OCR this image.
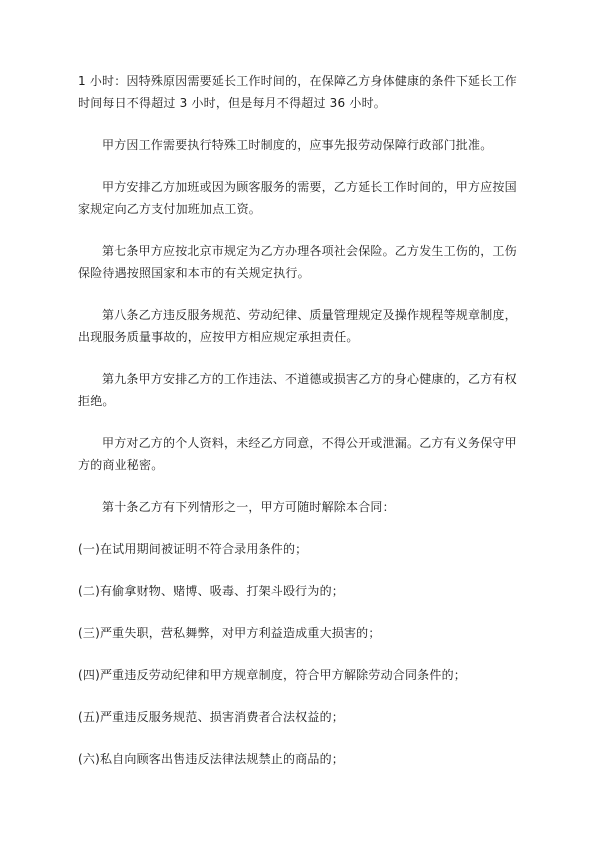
1 小时：因特殊原因需要延长工作时间的，在保障乙方身体健康的条件下延长工作时间每日不得超过 3 小时，但是每月不得超过 36 小时。

甲方因工作需要执行特殊工时制度的，应事先报劳动保障行政部门批准。

甲方安排乙方加班或因为顾客服务的需要，乙方延长工作时间的，甲方应按国家规定向乙方支付加班加点工资。

第七条甲方应按北京市规定为乙方办理各项社会保险。乙方发生工伤的，工伤保险待遇按照国家和本市的有关规定执行。

第八条乙方违反服务规范、劳动纪律、质量管理规定及操作规程等规章制度，出现服务质量事故的，应按甲方相应规定承担责任。

第九条甲方安排乙方的工作违法、不道德或损害乙方的身心健康的，乙方有权拒绝。

甲方对乙方的个人资料，未经乙方同意，不得公开或泄漏。乙方有义务保守甲方的商业秘密。

第十条乙方有下列情形之一，甲方可随时解除本合同：

(一)在试用期间被证明不符合录用条件的；

(二)有偷拿财物、赌博、吸毒、打架斗殴行为的；

(三)严重失职，营私舞弊，对甲方利益造成重大损害的；

(四)严重违反劳动纪律和甲方规章制度，符合甲方解除劳动合同条件的；

(五)严重违反服务规范、损害消费者合法权益的；

(六)私自向顾客出售违反法律法规禁止的商品的；
